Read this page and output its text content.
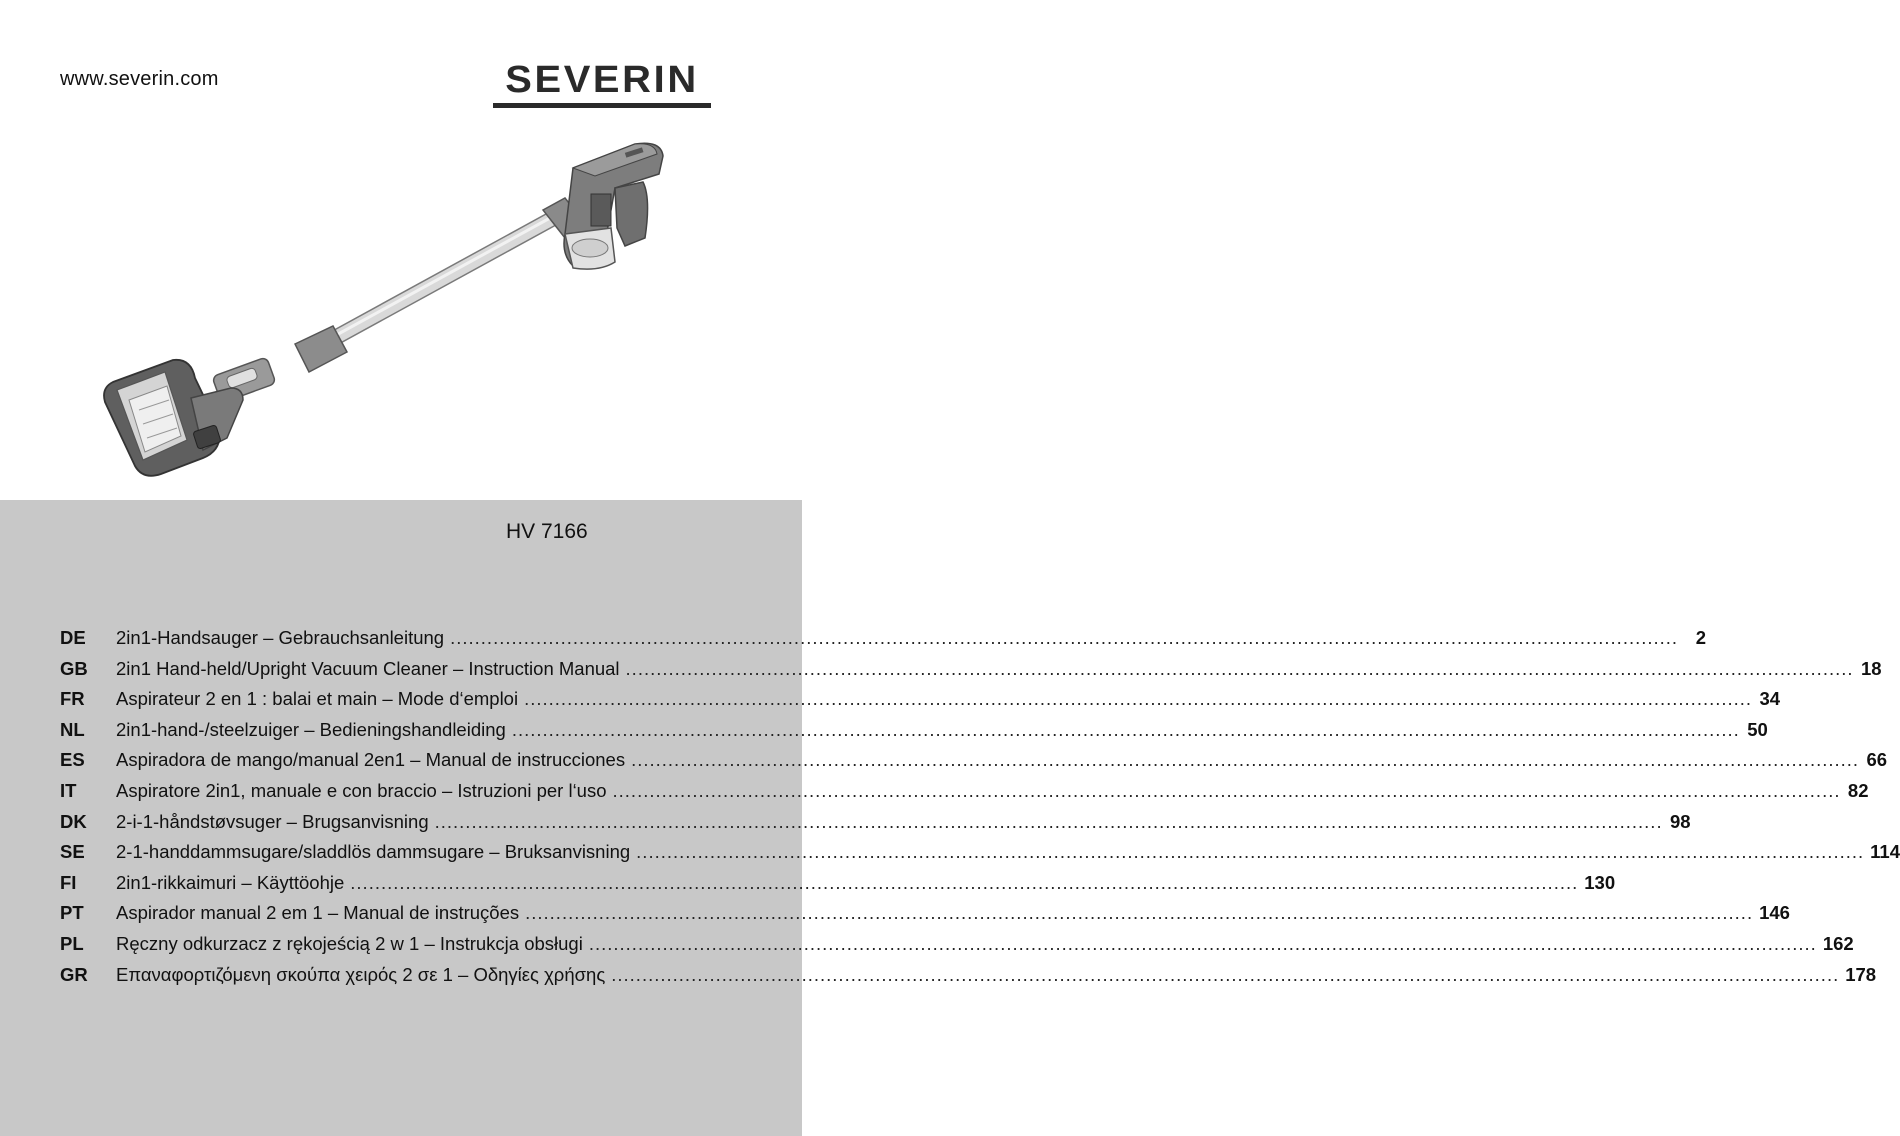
www.severin.com	SEVERIN
HV 7166
DE	2in1-Handsauger – Gebrauchsanleitung ........................................................................................................................................................................................................ 2
GB	2in1 Hand-held/Upright Vacuum Cleaner – Instruction Manual ........................................................................................................................................................................................................ 18
FR	Aspirateur 2 en 1 : balai et main – Mode d‘emploi ........................................................................................................................................................................................................ 34
NL	2in1-hand-/steelzuiger – Bedieningshandleiding ........................................................................................................................................................................................................ 50
ES	Aspiradora de mango/manual 2en1 – Manual de instrucciones ........................................................................................................................................................................................................ 66
IT	Aspiratore 2in1, manuale e con braccio – Istruzioni per l‘uso ........................................................................................................................................................................................................ 82
DK	2-i-1-håndstøvsuger – Brugsanvisning ........................................................................................................................................................................................................ 98
SE	2-1-handdammsugare/sladdlös dammsugare – Bruksanvisning ........................................................................................................................................................................................................ 114
FI	2in1-rikkaimuri – Käyttöohje ........................................................................................................................................................................................................ 130
PT	Aspirador manual 2 em 1 – Manual de instruções ........................................................................................................................................................................................................ 146
PL	Ręczny odkurzacz z rękojeścią 2 w 1 – Instrukcja obsługi ........................................................................................................................................................................................................ 162
GR	Επαναφορτιζόμενη σκούπα χειρός 2 σε 1 – Οδηγίες χρήσης ........................................................................................................................................................................................................ 178
